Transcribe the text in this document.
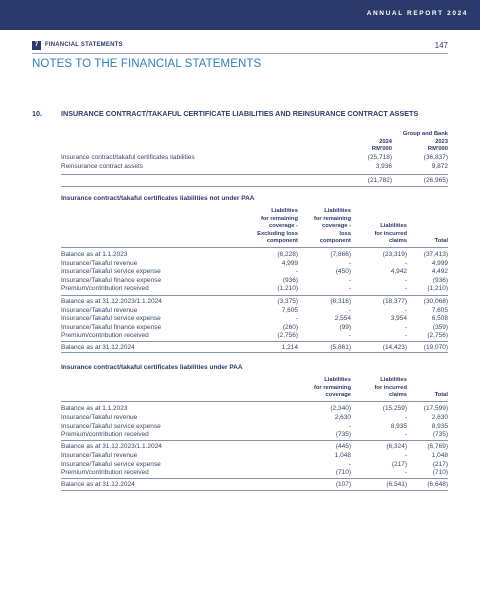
ANNUAL REPORT 2024
7	FINANCIAL STATEMENTS	147
NOTES TO THE FINANCIAL STATEMENTS
10.	INSURANCE CONTRACT/TAKAFUL CERTIFICATE LIABILITIES AND REINSURANCE CONTRACT ASSETS
Group and Bank
2024
RM'000
2023
RM'000
Insurance contract/takaful certificates liabilities	(25,718)	(36,837)
Reinsurance contract assets	3,936	9,872
(21,782)	(26,965)
Insurance contract/takaful certificates liabilities not under PAA
Liabilities
for remaining
coverage -
Excluding loss
component
Liabilities
for remaining
coverage -
loss
component
Liabilities
for incurred
claims	Total
Balance as at 1.1.2023	(6,228)	(7,866)	(23,319)	(37,413)
Insurance/Takaful revenue	4,999	-	-	4,999
Insurance/Takaful service expense	-	(450)	4,942	4,492
Insurance/Takaful finance expense	(936)	-	-	(936)
Premium/contribution received	(1,210)	-	-	(1,210)
Balance as at 31.12.2023/1.1.2024	(3,375)	(8,316)	(18,377)	(30,068)
Insurance/Takaful revenue	7,605	-	-	7,605
Insurance/Takaful service expense	-	2,554	3,954	6,508
Insurance/Takaful finance expense	(260)	(99)	-	(359)
Premium/contribution received	(2,756)	-	-	(2,756)
Balance as at 31.12.2024	1,214	(5,861)	(14,423)	(19,070)
Insurance contract/takaful certificates liabilities under PAA
Liabilities
for remaining
coverage
Liabilities
for incurred
claims	Total
Balance as at 1.1.2023	(2,340)	(15,259)	(17,599)
Insurance/Takaful revenue	2,630	-	2,630
Insurance/Takaful service expense	-	8,935	8,935
Premium/contribution received	(735)	-	(735)
Balance as at 31.12.2023/1.1.2024	(445)	(6,324)	(6,769)
Insurance/Takaful revenue	1,048	-	1,048
Insurance/Takaful service expense	-	(217)	(217)
Premium/contribution received	(710)	-	(710)
Balance as at 31.12.2024	(107)	(6,541)	(6,648)
